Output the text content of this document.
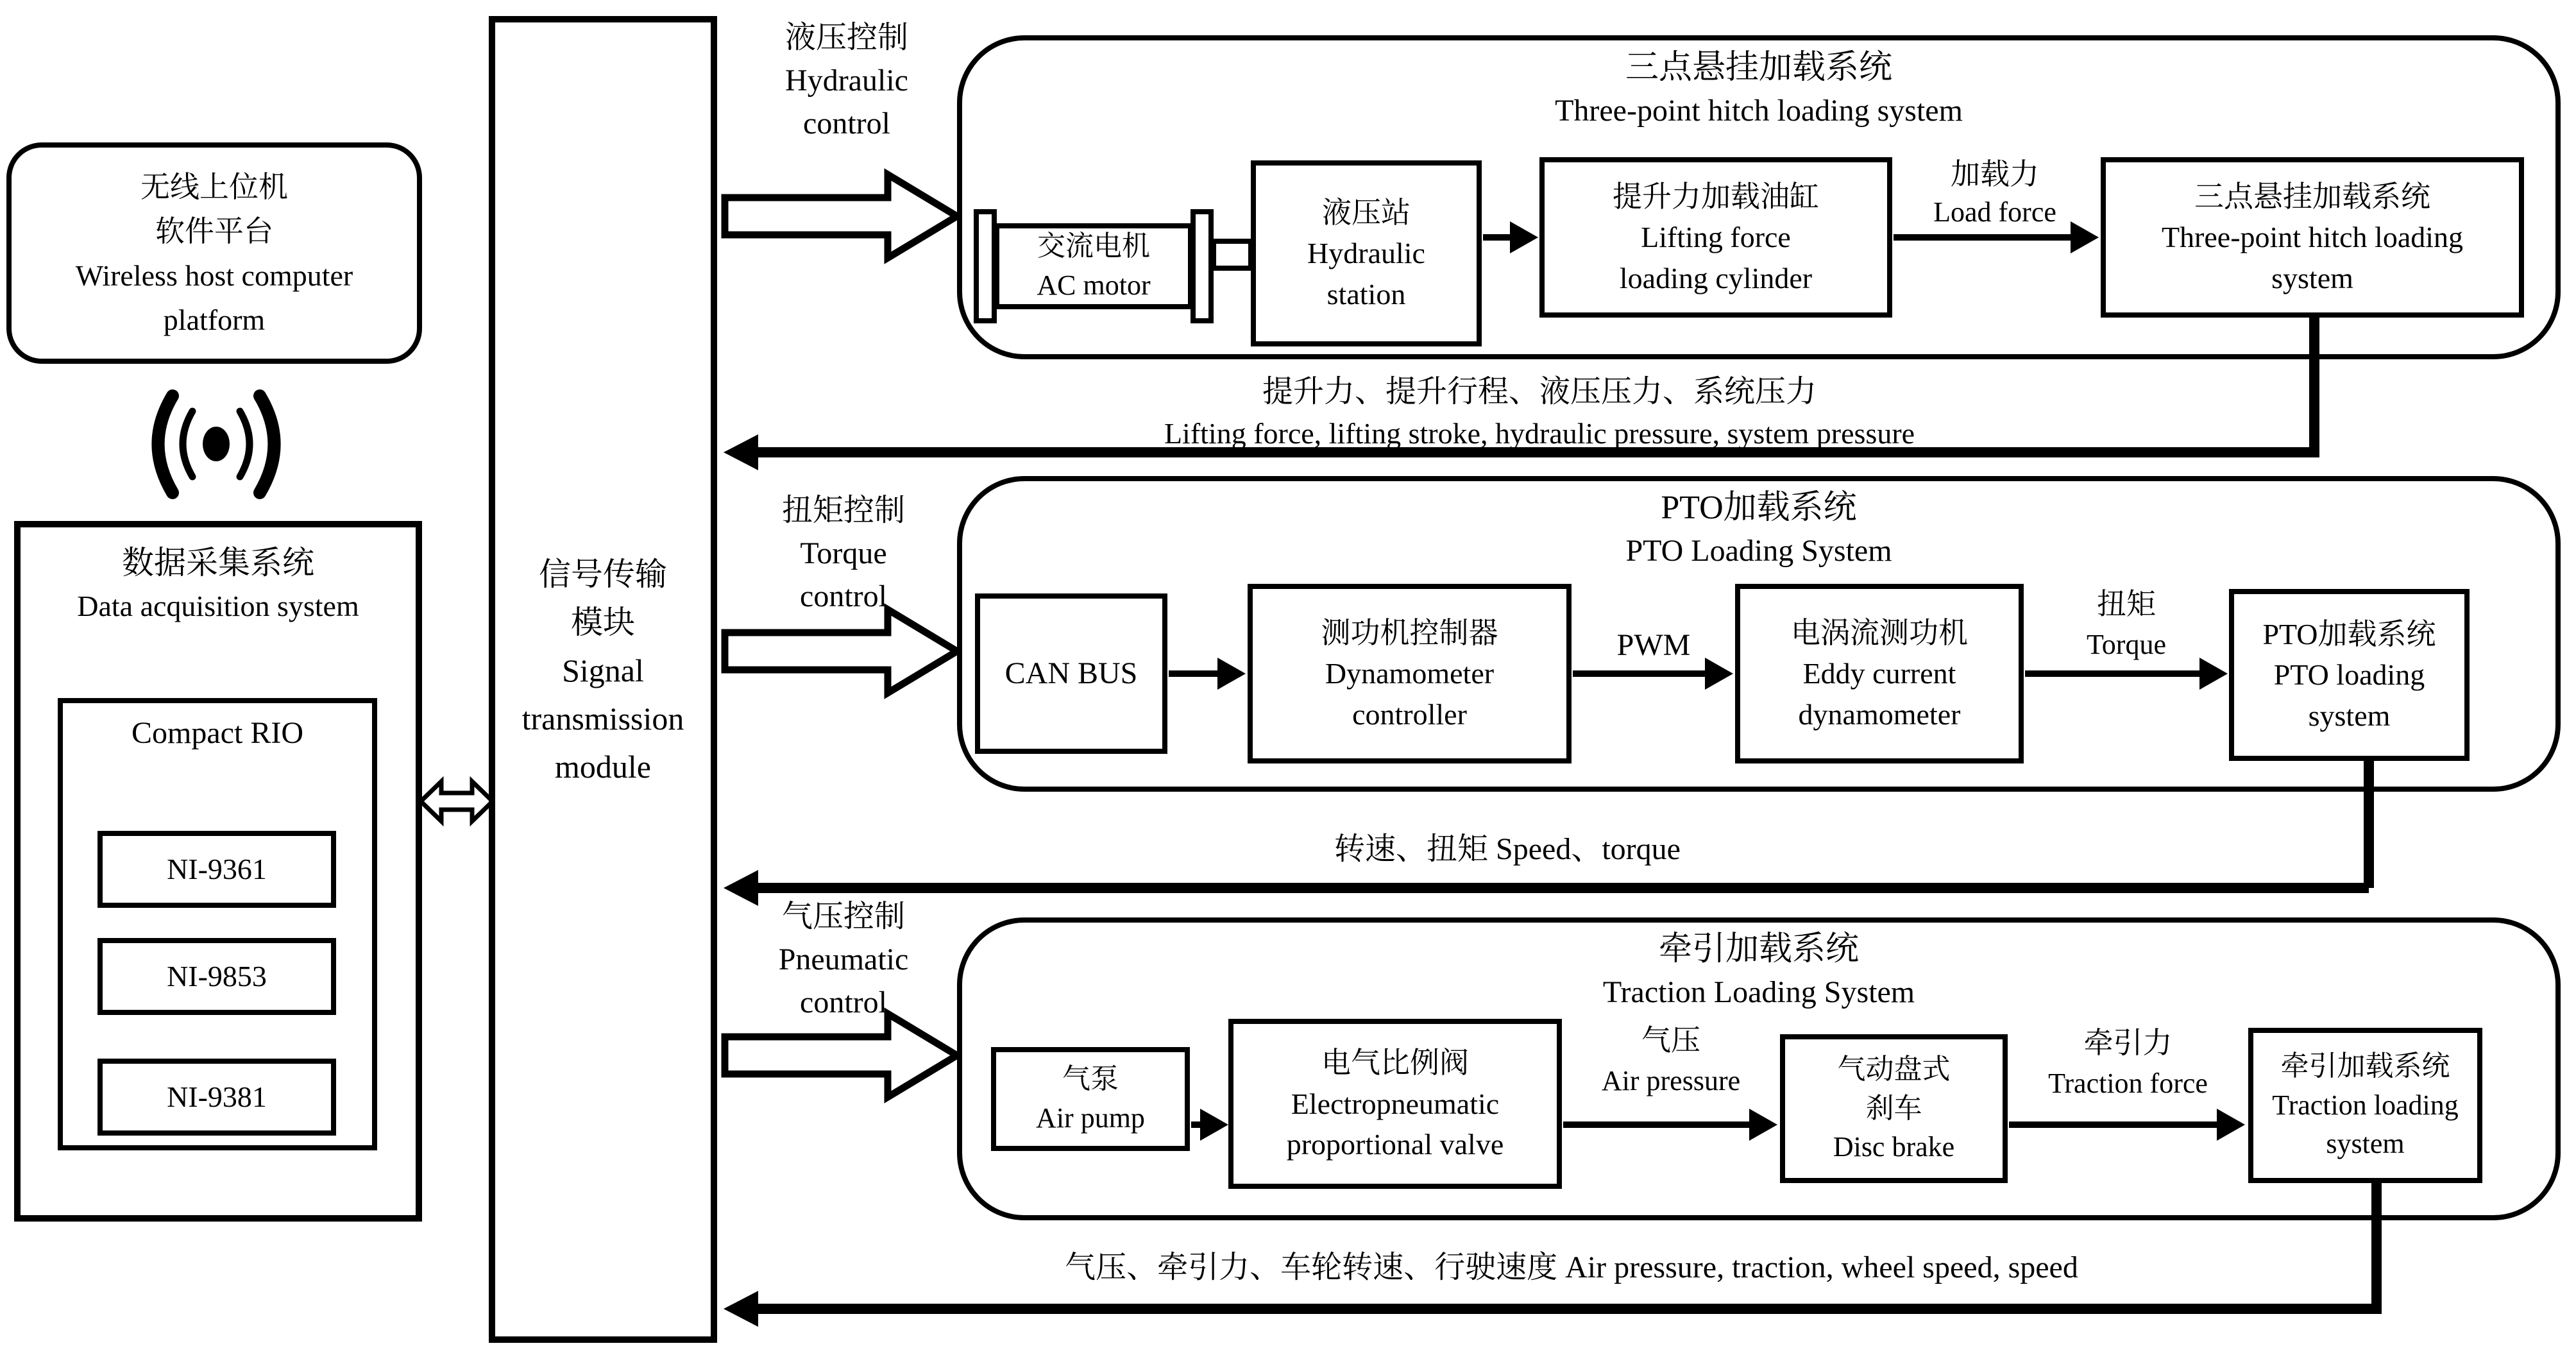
无线上位机
软件平台
Wireless host computer
platform
数据采集系统
Data acquisition system
Compact RIO
NI-9361
NI-9853
NI-9381
信号传输
模块
Signal
transmission
module
液压控制
Hydraulic
control
扭矩控制
Torque
control
气压控制
Pneumatic
control
三点悬挂加载系统
Three-point hitch loading system
交流电机
AC motor
液压站
Hydraulic
station
提升力加载油缸
Lifting force
loading cylinder
加载力
Load force	三点悬挂加载系统
Three-point hitch loading
system
提升力、提升行程、液压压力、系统压力
Lifting force, lifting stroke, hydraulic pressure, system pressure
PTO加载系统
PTO Loading System
CAN BUS
测功机控制器
Dynamometer
controller
PWM	电涡流测功机
Eddy current
dynamometer
扭矩
Torque	PTO加载系统
PTO loading
system
转速、扭矩 Speed、torque
牵引加载系统
Traction Loading System
气泵
Air pump
电气比例阀
Electropneumatic
proportional valve
气压
Air pressure	气动盘式
刹车
Disc brake
牵引力
Traction force
牵引加载系统
Traction loading
system
气压、牵引力、车轮转速、行驶速度 Air pressure, traction, wheel speed, speed
